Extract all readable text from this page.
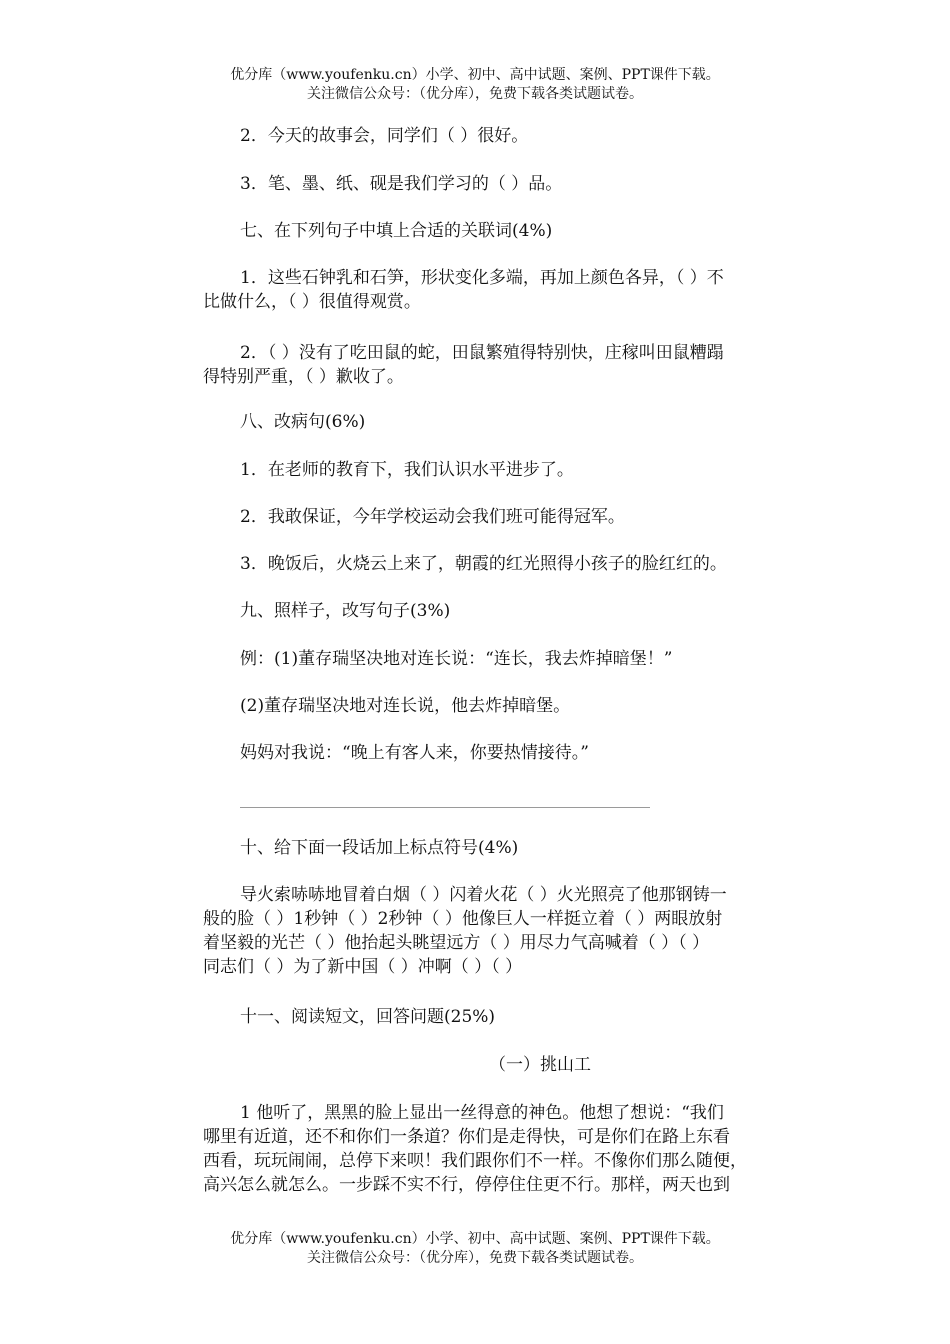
优分库（www.youfenku.cn）小学、初中、高中试题、案例、PPT课件下载。
关注微信公众号：（优分库），免费下载各类试题试卷。
2．今天的故事会，同学们（ ）很好。
3．笔、墨、纸、砚是我们学习的（ ）品。
七、在下列句子中填上合适的关联词(4%)
1．这些石钟乳和石笋，形状变化多端，再加上颜色各异，（ ）不
比做什么，（ ）很值得观赏。
2．（ ）没有了吃田鼠的蛇，田鼠繁殖得特别快，庄稼叫田鼠糟蹋
得特别严重，（ ）歉收了。
八、改病句(6%)
1．在老师的教育下，我们认识水平进步了。
2．我敢保证，今年学校运动会我们班可能得冠军。
3．晚饭后，火烧云上来了，朝霞的红光照得小孩子的脸红红的。
九、照样子，改写句子(3%)
例：(1)董存瑞坚决地对连长说：“连长，我去炸掉暗堡！”
(2)董存瑞坚决地对连长说，他去炸掉暗堡。
妈妈对我说：“晚上有客人来，你要热情接待。”
十、给下面一段话加上标点符号(4%)
导火索哧哧地冒着白烟（ ）闪着火花（ ）火光照亮了他那钢铸一
般的脸（ ）1秒钟（ ）2秒钟（ ）他像巨人一样挺立着（ ）两眼放射
着坚毅的光芒（ ）他抬起头眺望远方（ ）用尽力气高喊着（ ）（ ）
同志们（ ）为了新中国（ ）冲啊（ ）（ ）
十一、阅读短文，回答问题(25%)
（一）挑山工
1 他听了，黑黑的脸上显出一丝得意的神色。他想了想说：“我们
哪里有近道，还不和你们一条道？你们是走得快，可是你们在路上东看
西看，玩玩闹闹，总停下来呗！我们跟你们不一样。不像你们那么随便，
高兴怎么就怎么。一步踩不实不行，停停住住更不行。那样，两天也到
优分库（www.youfenku.cn）小学、初中、高中试题、案例、PPT课件下载。
关注微信公众号：（优分库），免费下载各类试题试卷。
